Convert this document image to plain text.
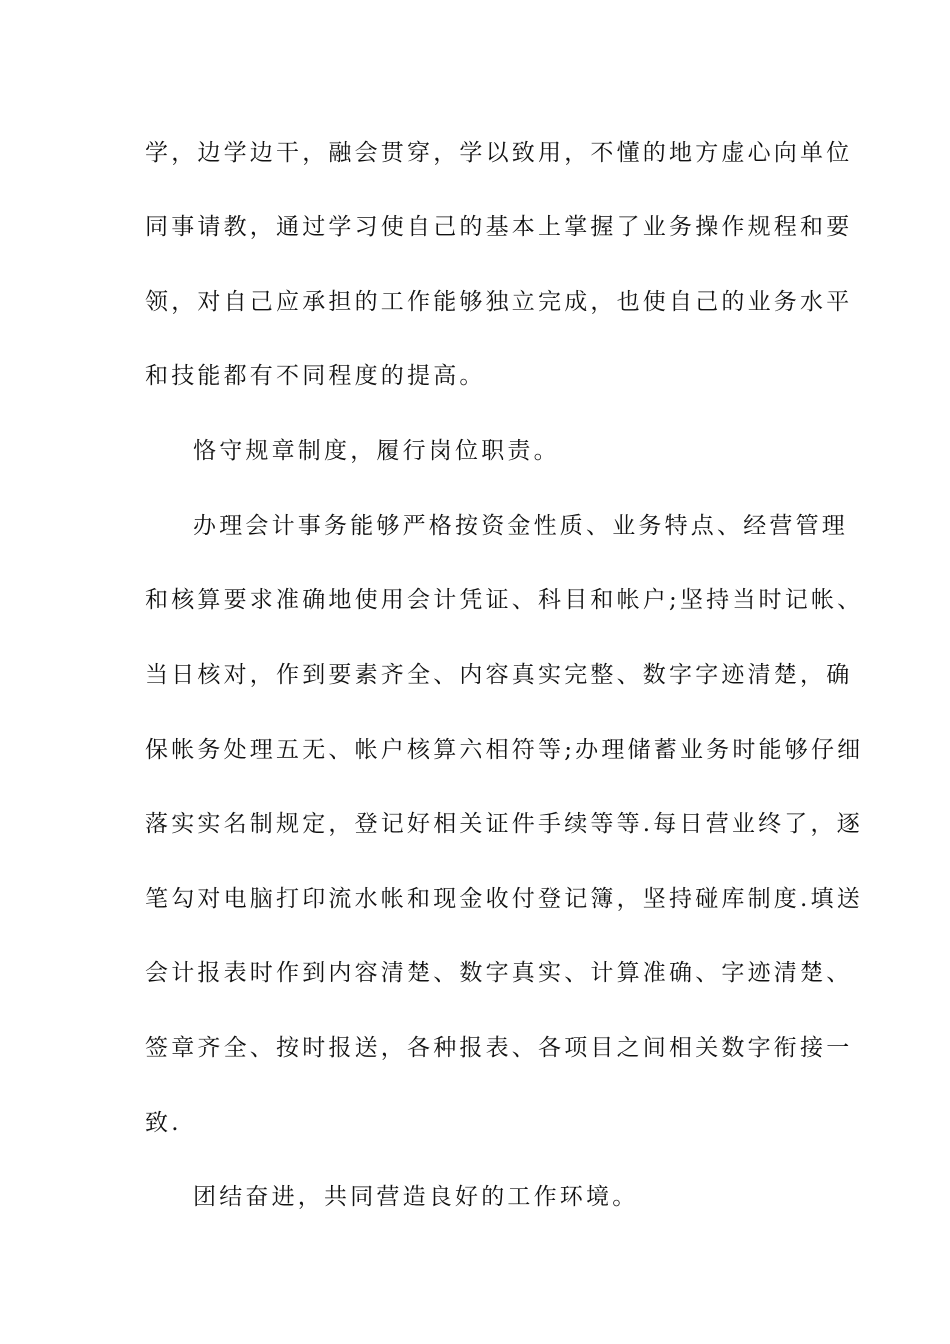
学，边学边干，融会贯穿，学以致用，不懂的地方虚心向单位
同事请教，通过学习使自己的基本上掌握了业务操作规程和要
领，对自己应承担的工作能够独立完成，也使自己的业务水平
和技能都有不同程度的提高。
恪守规章制度，履行岗位职责。
办理会计事务能够严格按资金性质、业务特点、经营管理
和核算要求准确地使用会计凭证、科目和帐户;坚持当时记帐、
当日核对，作到要素齐全、内容真实完整、数字字迹清楚，确
保帐务处理五无、帐户核算六相符等;办理储蓄业务时能够仔细
落实实名制规定，登记好相关证件手续等等.每日营业终了，逐
笔勾对电脑打印流水帐和现金收付登记簿，坚持碰库制度.填送
会计报表时作到内容清楚、数字真实、计算准确、字迹清楚、
签章齐全、按时报送，各种报表、各项目之间相关数字衔接一
致.
团结奋进，共同营造良好的工作环境。
